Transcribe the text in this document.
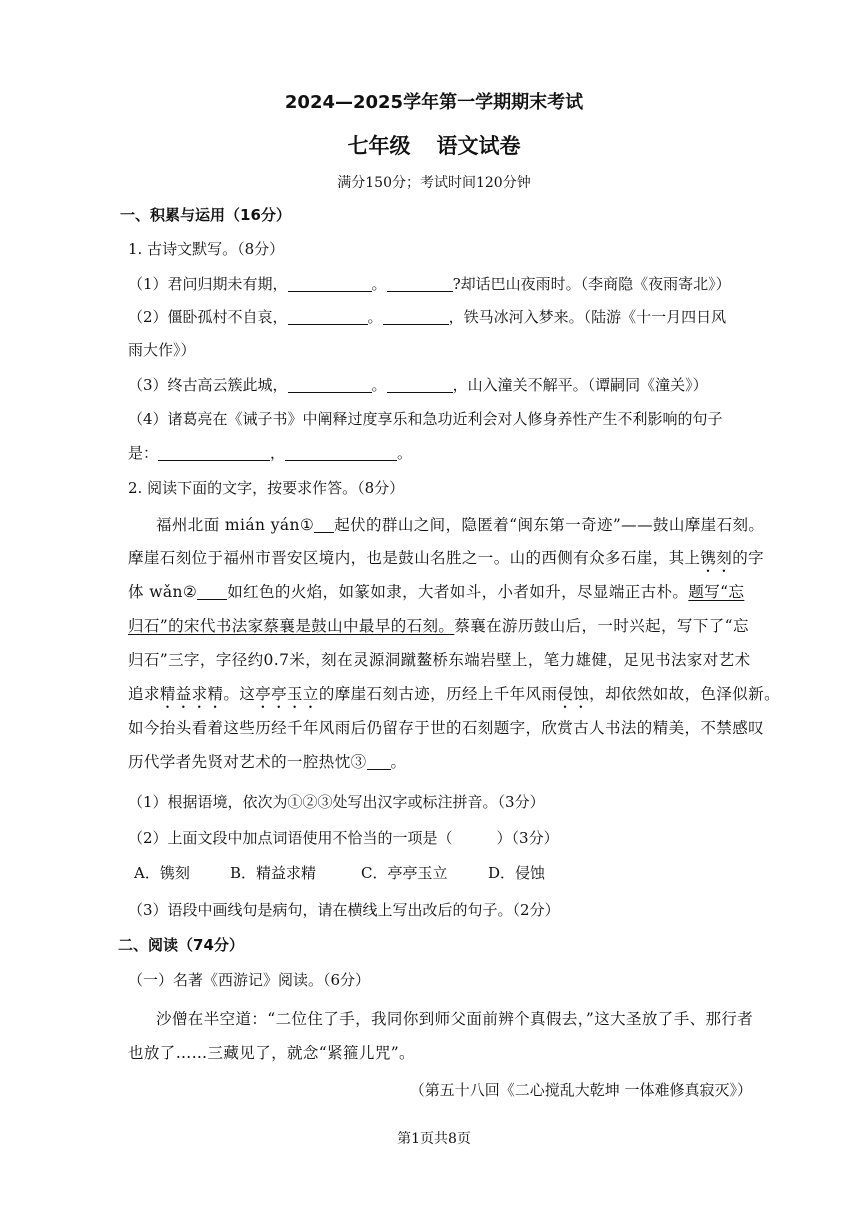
2024—2025学年第一学期期末考试
七年级 语文试卷
满分150分；考试时间120分钟
一、积累与运用（16分）
1. 古诗文默写。（8分）
（1）君问归期未有期，	。	?却话巴山夜雨时。（李商隐《夜雨寄北》）
（2）僵卧孤村不自哀，	。	，铁马冰河入梦来。（陆游《十一月四日风
雨大作》）
（3）终古高云簇此城，	。	，山入潼关不解平。（谭嗣同《潼关》）
（4）诸葛亮在《诫子书》中阐释过度享乐和急功近利会对人修身养性产生不利影响的句子
是：	，	。
2. 阅读下面的文字，按要求作答。（8分）
福州北面 mián yán① 起伏的群山之间，隐匿着“闽东第一奇迹”——鼓山摩崖石刻。
摩崖石刻位于福州市晋安区境内，也是鼓山名胜之一。山的西侧有众多石崖，其上镌刻的字
体 wǎn② 如红色的火焰，如篆如隶，大者如斗，小者如升，尽显端正古朴。题写“忘
归石”的宋代书法家蔡襄是鼓山中最早的石刻。蔡襄在游历鼓山后，一时兴起，写下了“忘
归石”三字，字径约0.7米，刻在灵源洞蹴鳌桥东端岩壁上，笔力雄健，足见书法家对艺术
追求精益求精。这亭亭玉立的摩崖石刻古迹，历经上千年风雨侵蚀，却依然如故，色泽似新。
如今抬头看着这些历经千年风雨后仍留存于世的石刻题字，欣赏古人书法的精美，不禁感叹
历代学者先贤对艺术的一腔热忱③ 。
（1）根据语境，依次为①②③处写出汉字或标注拼音。（3分）
（2）上面文段中加点词语使用不恰当的一项是（	）（3分）
A．镌刻	B．精益求精	C．亭亭玉立	D．侵蚀
（3）语段中画线句是病句，请在横线上写出改后的句子。（2分）
二、阅读（74分）
（一）名著《西游记》阅读。（6分）
沙僧在半空道：“二位住了手，我同你到师父面前辨个真假去，”这大圣放了手、那行者
也放了……三藏见了，就念“紧箍儿咒”。
（第五十八回《二心搅乱大乾坤 一体难修真寂灭》）
第1页共8页
